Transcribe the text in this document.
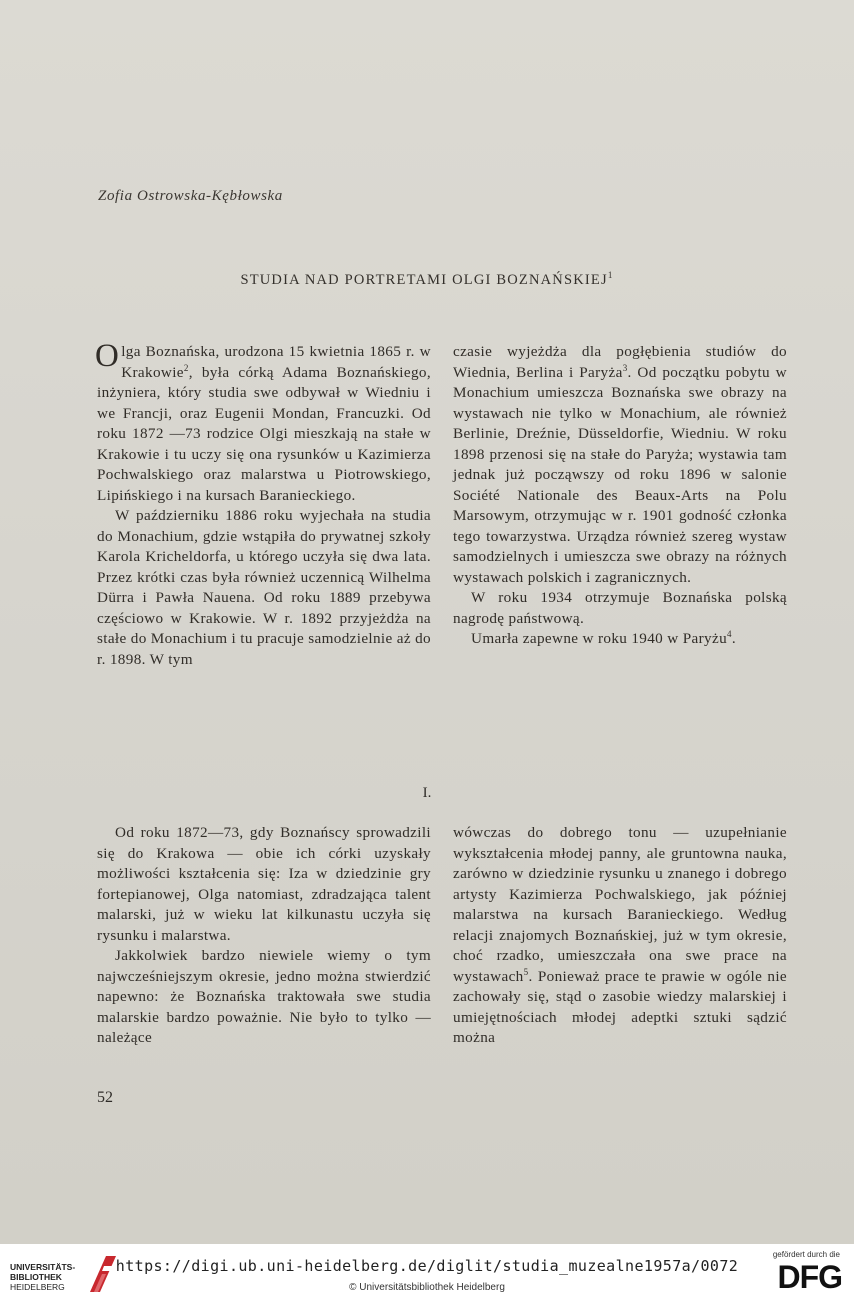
Zofia Ostrowska-Kębłowska
STUDIA NAD PORTRETAMI OLGI BOZNAŃSKIEJ$^1$

Olga Boznańska, urodzona 15 kwietnia 1865 r. w Krakowie$^2$, była córką Adama Boznańskiego, inżyniera, który studia swe odbywał w Wiedniu i we Francji, oraz Eugenii Mondan, Francuzki. Od roku 1872 —73 rodzice Olgi mieszkają na stałe w Krakowie i tu uczy się ona rysunków u Kazimierza Pochwalskiego oraz malarstwa u Piotrowskiego, Lipińskiego i na kursach Baranieckiego.

W październiku 1886 roku wyjechała na studia do Monachium, gdzie wstąpiła do prywatnej szkoły Karola Kricheldorfa, u którego uczyła się dwa lata. Przez krótki czas była również uczennicą Wilhelma Dürra i Pawła Nauena. Od roku 1889 przebywa częściowo w Krakowie. W r. 1892 przyjeżdża na stałe do Monachium i tu pracuje samodzielnie aż do r. 1898. W tym

czasie wyjeżdża dla pogłębienia studiów do Wiednia, Berlina i Paryża$^3$. Od początku pobytu w Monachium umieszcza Boznańska swe obrazy na wystawach nie tylko w Monachium, ale również Berlinie, Dreźnie, Düsseldorfie, Wiedniu. W roku 1898 przenosi się na stałe do Paryża; wystawia tam jednak już począwszy od roku 1896 w salonie Société Nationale des Beaux-Arts na Polu Marsowym, otrzymując w r. 1901 godność członka tego towarzystwa. Urządza również szereg wystaw samodzielnych i umieszcza swe obrazy na różnych wystawach polskich i zagranicznych.

W roku 1934 otrzymuje Boznańska polską nagrodę państwową.

Umarła zapewne w roku 1940 w Paryżu$^4$.

I.

Od roku 1872—73, gdy Boznańscy sprowadzili się do Krakowa — obie ich córki uzyskały możliwości kształcenia się: Iza w dziedzinie gry fortepianowej, Olga natomiast, zdradzająca talent malarski, już w wieku lat kilkunastu uczyła się rysunku i malarstwa.

Jakkolwiek bardzo niewiele wiemy o tym najwcześniejszym okresie, jedno można stwierdzić napewno: że Boznańska traktowała swe studia malarskie bardzo poważnie. Nie było to tylko — należące

wówczas do dobrego tonu — uzupełnianie wykształcenia młodej panny, ale gruntowna nauka, zarówno w dziedzinie rysunku u znanego i dobrego artysty Kazimierza Pochwalskiego, jak później malarstwa na kursach Baranieckiego. Według relacji znajomych Boznańskiej, już w tym okresie, choć rzadko, umieszczała ona swe prace na wystawach$^5$. Ponieważ prace te prawie w ogóle nie zachowały się, stąd o zasobie wiedzy malarskiej i umiejętnościach młodej adeptki sztuki sądzić można

52
UNIVERSITÄTS-
BIBLIOTHEK
HEIDELBERG
https://digi.ub.uni-heidelberg.de/diglit/studia_muzealne1957a/0072
© Universitätsbibliothek Heidelberg
gefördert durch die
DFG
